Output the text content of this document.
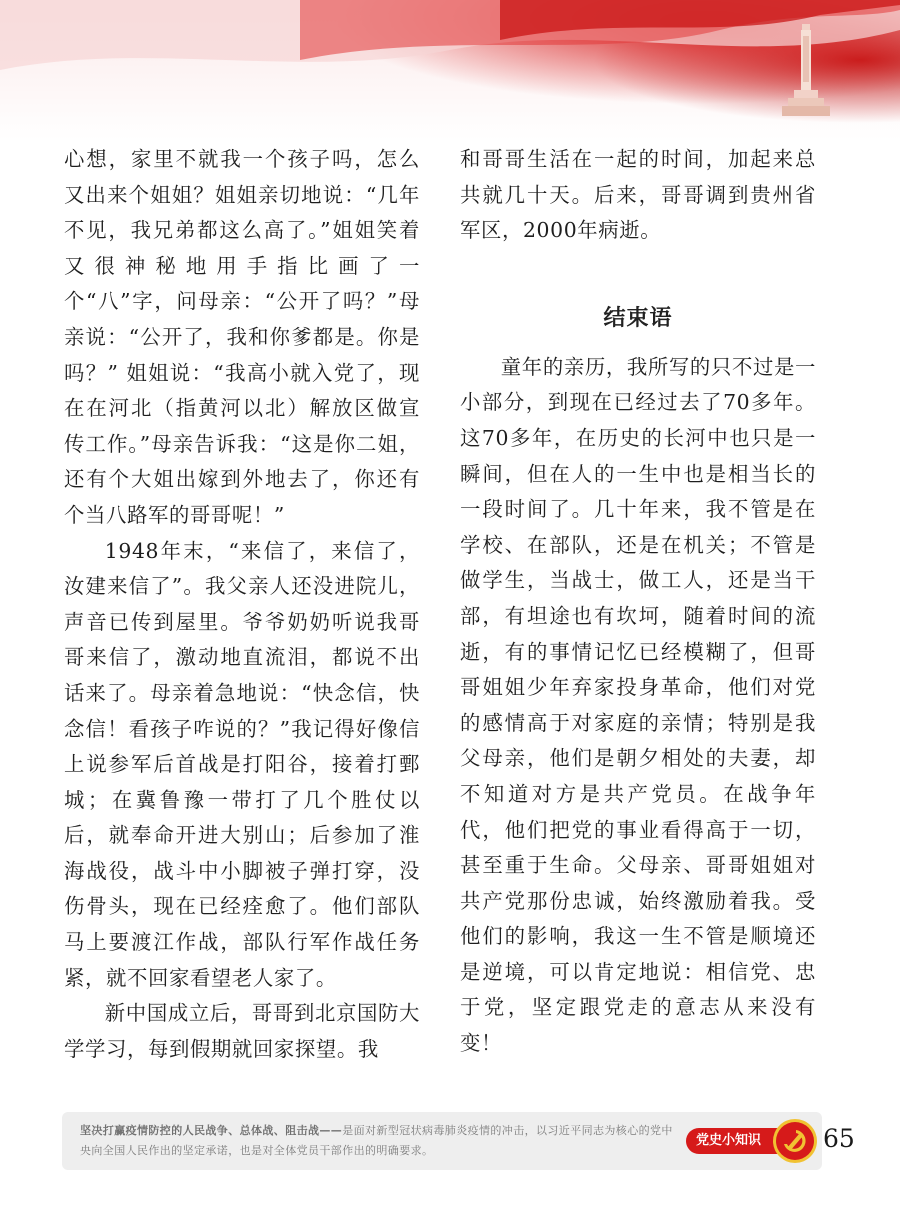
心想，家里不就我一个孩子吗，怎么又出来个姐姐？姐姐亲切地说：“几年不见，我兄弟都这么高了。”姐姐笑着又很神秘地用手指比画了一个“八”字，问母亲：“公开了吗？”母亲说：“公开了，我和你爹都是。你是吗？” 姐姐说：“我高小就入党了，现在在河北（指黄河以北）解放区做宣传工作。”母亲告诉我：“这是你二姐，还有个大姐出嫁到外地去了，你还有个当八路军的哥哥呢！”

1948年末，“来信了，来信了，汝建来信了”。我父亲人还没进院儿，声音已传到屋里。爷爷奶奶听说我哥哥来信了，激动地直流泪，都说不出话来了。母亲着急地说：“快念信，快念信！看孩子咋说的？”我记得好像信上说参军后首战是打阳谷，接着打鄄城；在冀鲁豫一带打了几个胜仗以后，就奉命开进大别山；后参加了淮海战役，战斗中小脚被子弹打穿，没伤骨头，现在已经痊愈了。他们部队马上要渡江作战，部队行军作战任务紧，就不回家看望老人家了。

新中国成立后，哥哥到北京国防大学学习，每到假期就回家探望。我

和哥哥生活在一起的时间，加起来总共就几十天。后来，哥哥调到贵州省军区，2000年病逝。

结束语

童年的亲历，我所写的只不过是一小部分，到现在已经过去了70多年。这70多年，在历史的长河中也只是一瞬间，但在人的一生中也是相当长的一段时间了。几十年来，我不管是在学校、在部队，还是在机关；不管是做学生，当战士，做工人，还是当干部，有坦途也有坎坷，随着时间的流逝，有的事情记忆已经模糊了，但哥哥姐姐少年弃家投身革命，他们对党的感情高于对家庭的亲情；特别是我父母亲，他们是朝夕相处的夫妻，却不知道对方是共产党员。在战争年代，他们把党的事业看得高于一切，甚至重于生命。父母亲、哥哥姐姐对共产党那份忠诚，始终激励着我。受他们的影响，我这一生不管是顺境还是逆境，可以肯定地说：相信党、忠于党，坚定跟党走的意志从来没有变！

坚决打赢疫情防控的人民战争、总体战、阻击战——是面对新型冠状病毒肺炎疫情的冲击，以习近平同志为核心的党中央向全国人民作出的坚定承诺，也是对全体党员干部作出的明确要求。
党史小知识	65
